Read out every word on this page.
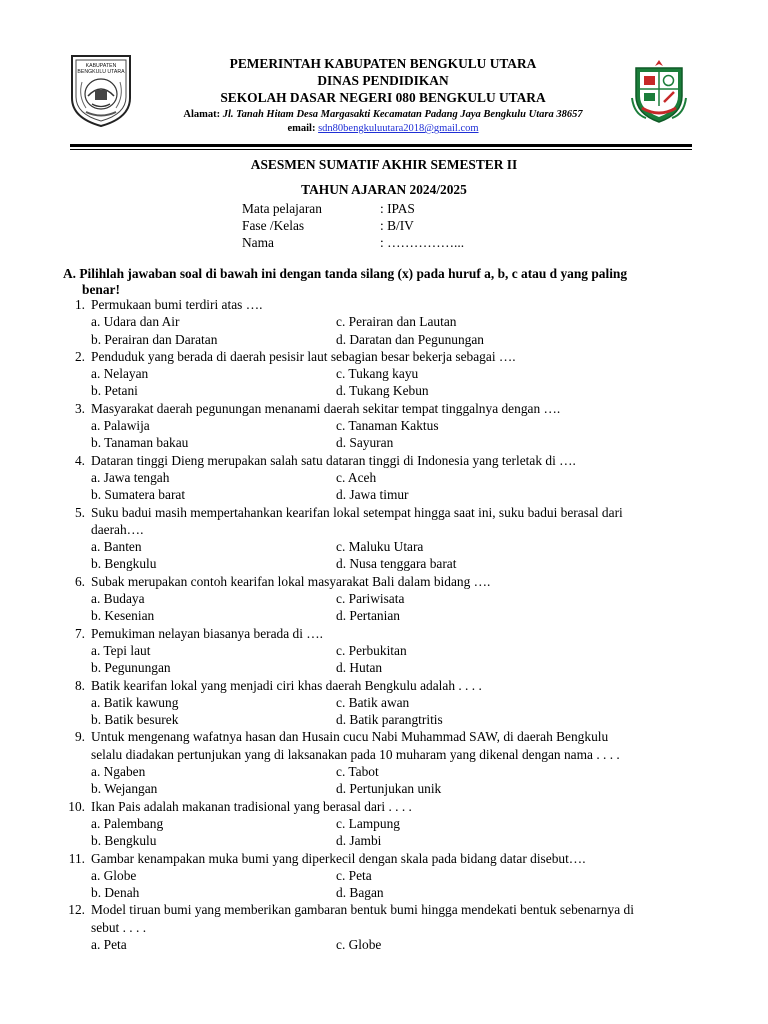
KABUPATEN
BENGKULU UTARA
PEMERINTAH KABUPATEN BENGKULU UTARA
DINAS PENDIDIKAN
SEKOLAH DASAR NEGERI 080 BENGKULU UTARA
Alamat: Jl. Tanah Hitam Desa Margasakti Kecamatan Padang Jaya Bengkulu Utara 38657
email: sdn80bengkuluutara2018@gmail.com
ASESMEN SUMATIF AKHIR SEMESTER II
TAHUN AJARAN 2024/2025
Mata pelajaran	: IPAS
Fase /Kelas	: B/IV
Nama	: ……………...
A. Pilihlah jawaban soal di bawah ini dengan tanda silang (x) pada huruf a, b, c atau d yang paling
benar!
1. Permukaan bumi terdiri atas ….
a. Udara dan Air	c. Perairan dan Lautan
b. Perairan dan Daratan	d. Daratan dan Pegunungan
2. Penduduk yang berada di daerah pesisir laut sebagian besar bekerja sebagai ….
a. Nelayan	c. Tukang kayu
b. Petani	d. Tukang Kebun
3. Masyarakat daerah pegunungan menanami daerah sekitar tempat tinggalnya dengan ….
a. Palawija	c. Tanaman Kaktus
b. Tanaman bakau	d. Sayuran
4. Dataran tinggi Dieng merupakan salah satu dataran tinggi di Indonesia yang terletak di ….
a. Jawa tengah	c. Aceh
b. Sumatera barat	d. Jawa timur
5. Suku badui masih mempertahankan kearifan lokal setempat hingga saat ini, suku badui berasal dari
daerah….
a. Banten	c. Maluku Utara
b. Bengkulu	d. Nusa tenggara barat
6. Subak merupakan contoh kearifan lokal masyarakat Bali dalam bidang ….
a. Budaya	c. Pariwisata
b. Kesenian	d. Pertanian
7. Pemukiman nelayan biasanya berada di ….
a. Tepi laut	c. Perbukitan
b. Pegunungan	d. Hutan
8. Batik kearifan lokal yang menjadi ciri khas daerah Bengkulu adalah . . . .
a. Batik kawung	c. Batik awan
b. Batik besurek	d. Batik parangtritis
9. Untuk mengenang wafatnya hasan dan Husain cucu Nabi Muhammad SAW, di daerah Bengkulu
selalu diadakan pertunjukan yang di laksanakan pada 10 muharam yang dikenal dengan nama . . . .
a. Ngaben	c. Tabot
b. Wejangan	d. Pertunjukan unik
10. Ikan Pais adalah makanan tradisional yang berasal dari . . . .
a. Palembang	c. Lampung
b. Bengkulu	d. Jambi
11. Gambar kenampakan muka bumi yang diperkecil dengan skala pada bidang datar disebut….
a. Globe	c. Peta
b. Denah	d. Bagan
12. Model tiruan bumi yang memberikan gambaran bentuk bumi hingga mendekati bentuk sebenarnya di
sebut . . . .
a. Peta	c. Globe
